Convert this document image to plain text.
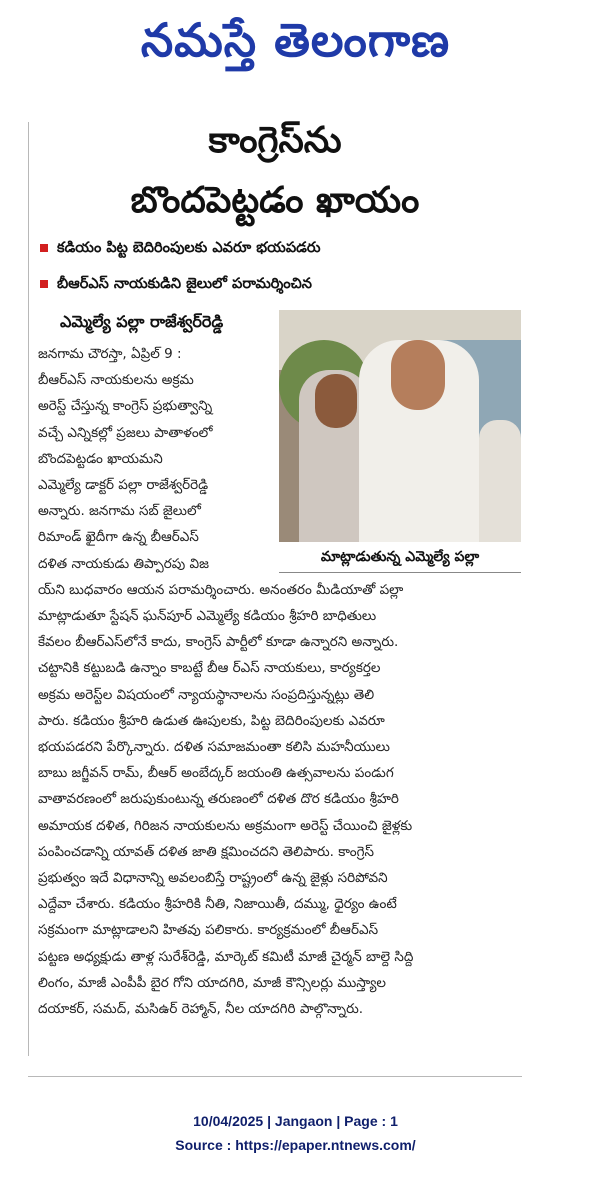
నమస్తే తెలంగాణ
కాంగ్రెస్‌ను
బొందపెట్టడం ఖాయం
కడియం పిట్ట బెదిరింపులకు ఎవరూ భయపడరు
బీఆర్ఎస్ నాయకుడిని జైలులో పరామర్శించిన
ఎమ్మెల్యే పల్లా రాజేశ్వర్‌రెడ్డి
మాట్లాడుతున్న ఎమ్మెల్యే పల్లా
జనగామ చౌరస్తా, ఏప్రిల్ 9 :
బీఆర్ఎస్ నాయకులను అక్రమ
అరెస్ట్ చేస్తున్న కాంగ్రెస్ ప్రభుత్వాన్ని
వచ్చే ఎన్నికల్లో ప్రజలు పాతాళంలో
బొందపెట్టడం ఖాయమని
ఎమ్మెల్యే డాక్టర్ పల్లా రాజేశ్వర్‌రెడ్డి
అన్నారు. జనగామ సబ్ జైలులో
రిమాండ్ ఖైదీగా ఉన్న బీఆర్ఎస్
దళిత నాయకుడు తిప్పారపు విజ
య్‌ని బుధవారం ఆయన పరామర్శించారు. అనంతరం మీడియాతో పల్లా
మాట్లాడుతూ స్టేషన్ ఘన్‌పూర్ ఎమ్మెల్యే కడియం శ్రీహరి బాధితులు
కేవలం బీఆర్ఎస్‌లోనే కాదు, కాంగ్రెస్ పార్టీలో కూడా ఉన్నారని అన్నారు.
చట్టానికి కట్టుబడి ఉన్నాం కాబట్టే బీఆ ర్ఎస్ నాయకులు, కార్యకర్తల
అక్రమ అరెస్ట్‌ల విషయంలో న్యాయస్థానాలను సంప్రదిస్తున్నట్లు తెలి
పారు. కడియం శ్రీహరి ఉడుత ఊపులకు, పిట్ట బెదిరింపులకు ఎవరూ
భయపడరని పేర్కొన్నారు. దళిత సమాజమంతా కలిసి మహనీయులు
బాబు జగ్జీవన్ రామ్, బీఆర్ అంబేద్కర్ జయంతి ఉత్సవాలను పండుగ
వాతావరణంలో జరుపుకుంటున్న తరుణంలో దళిత దొర కడియం శ్రీహరి
అమాయక దళిత, గిరిజన నాయకులను అక్రమంగా అరెస్ట్ చేయించి జైళ్లకు
పంపించడాన్ని యావత్ దళిత జాతి క్షమించదని తెలిపారు. కాంగ్రెస్
ప్రభుత్వం ఇదే విధానాన్ని అవలంబిస్తే రాష్ట్రంలో ఉన్న జైళ్లు సరిపోవని
ఎద్దేవా చేశారు. కడియం శ్రీహరికి నీతి, నిజాయితీ, దమ్ము, ధైర్యం ఉంటే
సక్రమంగా మాట్లాడాలని హితవు పలికారు. కార్యక్రమంలో బీఆర్ఎస్
పట్టణ అధ్యక్షుడు తాళ్ల సురేశ్‌రెడ్డి, మార్కెట్ కమిటీ మాజీ చైర్మన్ బాల్దె సిద్ది
లింగం, మాజీ ఎంపీపీ బైర గోని యాదగిరి, మాజీ కౌన్సిలర్లు ముస్త్యాల
దయాకర్, సమద్, మసిఉర్ రెహ్మాన్, నీల యాదగిరి పాల్గొన్నారు.
10/04/2025 | Jangaon | Page : 1
Source : https://epaper.ntnews.com/
